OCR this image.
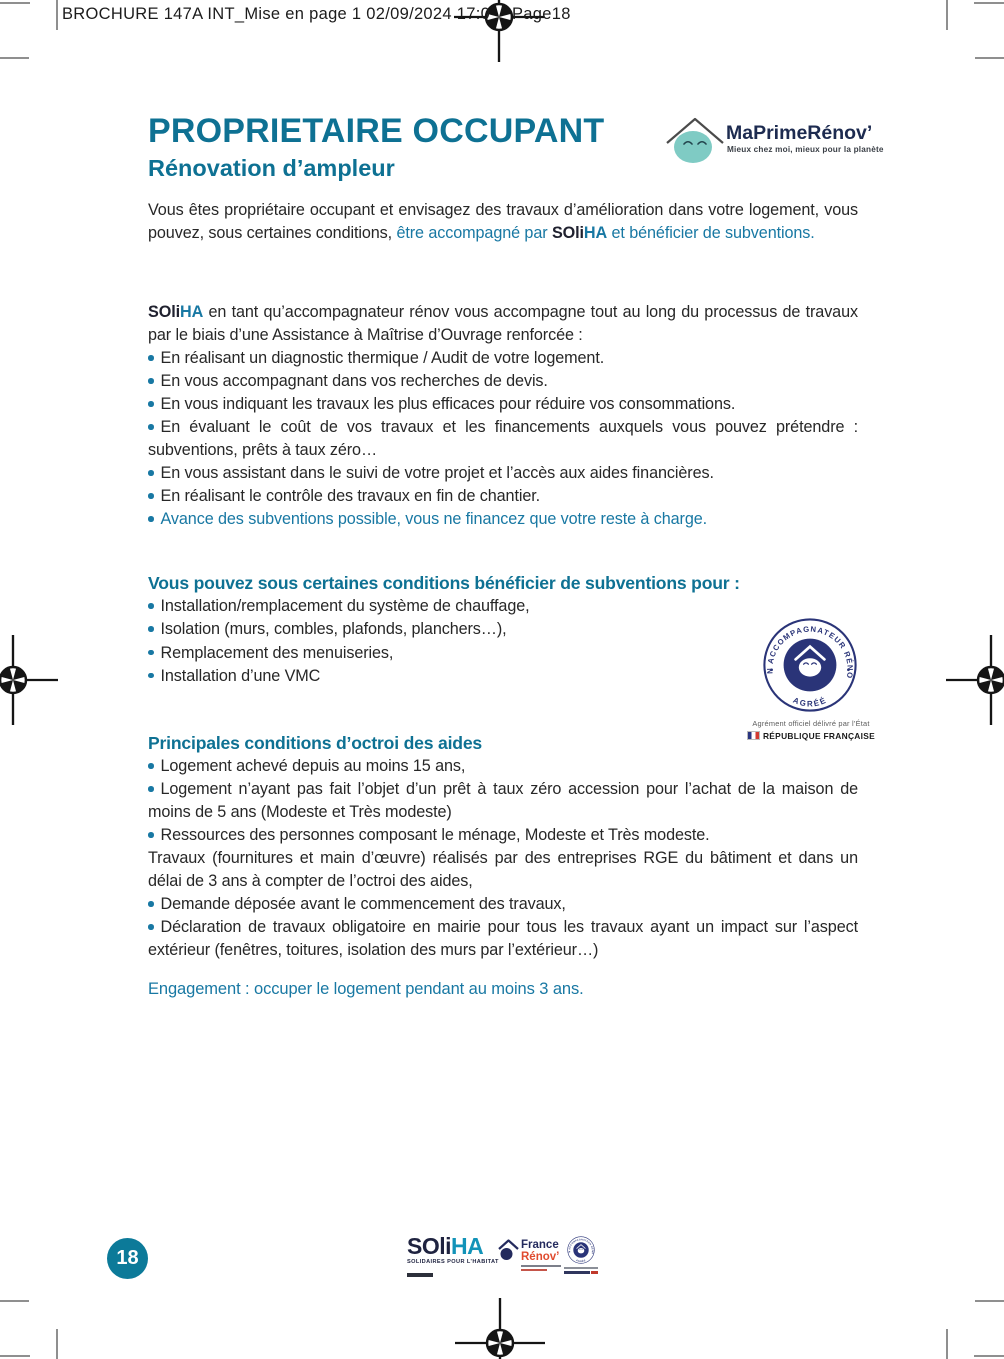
BROCHURE 147A INT_Mise en page 1 02/09/2024 17:0 Page18
PROPRIETAIRE OCCUPANT
Rénovation d’ampleur
MaPrimeRénov’
Mieux chez moi, mieux pour la planète

Vous êtes propriétaire occupant et envisagez des travaux d’amélioration dans votre logement, vous pouvez, sous certaines conditions, être accompagné par SOliHA et bénéficier de subventions.

SOliHA en tant qu’accompagnateur rénov vous accompagne tout au long du processus de travaux par le biais d’une Assistance à Maîtrise d’Ouvrage renforcée :

En réalisant un diagnostic thermique / Audit de votre logement.

En vous accompagnant dans vos recherches de devis.

En vous indiquant les travaux les plus efficaces pour réduire vos consommations.

En évaluant le coût de vos travaux et les financements auxquels vous pouvez prétendre : subventions, prêts à taux zéro…

En vous assistant dans le suivi de votre projet et l’accès aux aides financières.

En réalisant le contrôle des travaux en fin de chantier.

Avance des subventions possible, vous ne financez que votre reste à charge.

Vous pouvez sous certaines conditions bénéficier de subventions pour :

Installation/remplacement du système de chauffage,

Isolation (murs, combles, plafonds, planchers…),

Remplacement des menuiseries,

Installation d’une VMC

Agrément officiel délivré par l’État
RÉPUBLIQUE FRANÇAISE

Principales conditions d’octroi des aides

Logement achevé depuis au moins 15 ans,

Logement n’ayant pas fait l’objet d’un prêt à taux zéro accession pour l’achat de la maison de moins de 5 ans (Modeste et Très modeste)

Ressources des personnes composant le ménage, Modeste et Très modeste.

Travaux (fournitures et main d’œuvre) réalisés par des entreprises RGE du bâtiment et dans un délai de 3 ans à compter de l’octroi des aides,

Demande déposée avant le commencement des travaux,

Déclaration de travaux obligatoire en mairie pour tous les travaux ayant un impact sur l’aspect extérieur (fenêtres, toitures, isolation des murs par l’extérieur…)

Engagement : occuper le logement pendant au moins 3 ans.
18	SOliHA
SOLIDAIRES POUR L’HABITAT
France
Rénov’
